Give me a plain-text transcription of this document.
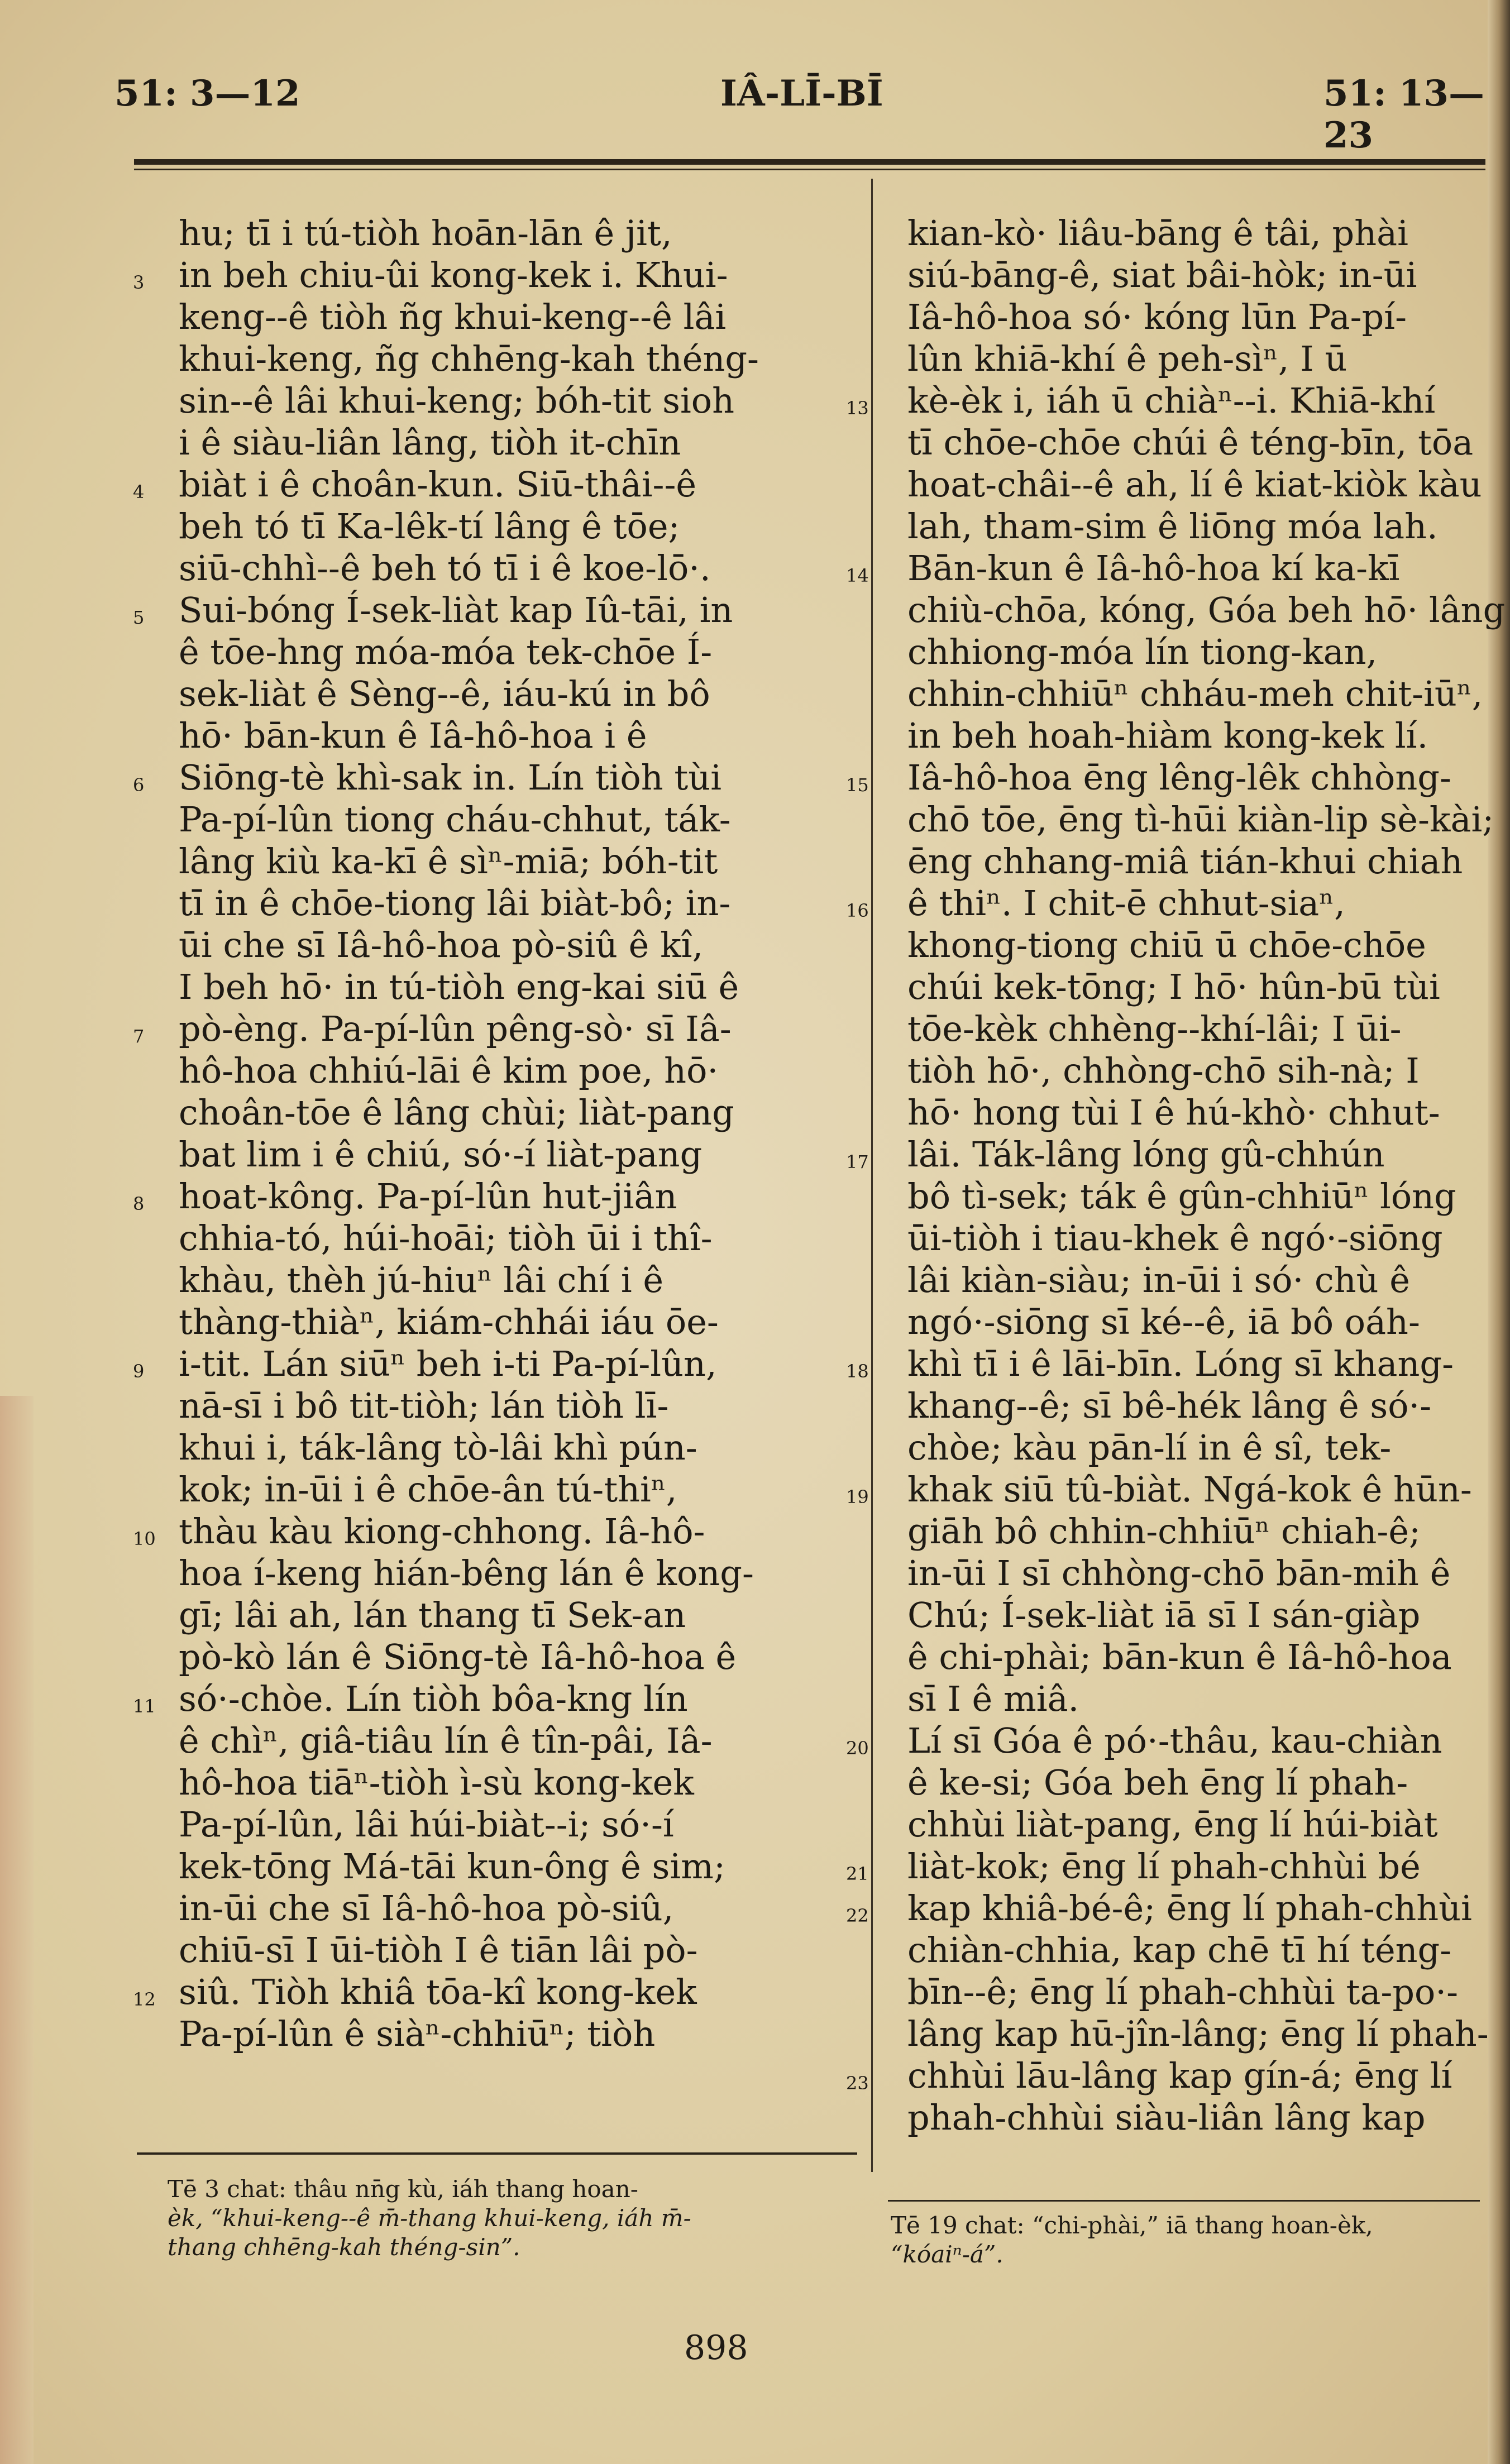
51: 3—12	IÂ-LĪ-BĪ	51: 13—23
hu; tī i tú-tiòh hoān-lān ê jit,
3 in beh chiu-ûi kong-kek i. Khui-
keng--ê tiòh ñg khui-keng--ê lâi
khui-keng, ñg chhēng-kah théng-
sin--ê lâi khui-keng; bóh-tit sioh
i ê siàu-liân lâng, tiòh it-chīn
4 biàt i ê choân-kun. Siū-thâi--ê
beh tó tī Ka-lêk-tí lâng ê tōe;
siū-chhì--ê beh tó tī i ê koe-lō·.
5 Sui-bóng Í-sek-liàt kap Iû-tāi, in
ê tōe-hng móa-móa tek-chōe Í-
sek-liàt ê Sèng--ê, iáu-kú in bô
hō· bān-kun ê Iâ-hô-hoa i ê
6 Siōng-tè khì-sak in. Lín tiòh tùi
Pa-pí-lûn tiong cháu-chhut, ták-
lâng kiù ka-kī ê sìⁿ-miā; bóh-tit
tī in ê chōe-tiong lâi biàt-bô; in-
ūi che sī Iâ-hô-hoa pò-siû ê kî,
I beh hō· in tú-tiòh eng-kai siū ê
7 pò-èng. Pa-pí-lûn pêng-sò· sī Iâ-
hô-hoa chhiú-lāi ê kim poe, hō·
choân-tōe ê lâng chùi; liàt-pang
bat lim i ê chiú, só·-í liàt-pang
8 hoat-kông. Pa-pí-lûn hut-jiân
chhia-tó, húi-hoāi; tiòh ūi i thî-
khàu, thèh jú-hiuⁿ lâi chí i ê
thàng-thiàⁿ, kiám-chhái iáu ōe-
9 i-tit. Lán siūⁿ beh i-ti Pa-pí-lûn,
nā-sī i bô tit-tiòh; lán tiòh lī-
khui i, ták-lâng tò-lâi khì pún-
kok; in-ūi i ê chōe-ân tú-thiⁿ,
10 thàu kàu kiong-chhong. Iâ-hô-
hoa í-keng hián-bêng lán ê kong-
gī; lâi ah, lán thang tī Sek-an
pò-kò lán ê Siōng-tè Iâ-hô-hoa ê
11 só·-chòe. Lín tiòh bôa-kng lín
ê chìⁿ, giâ-tiâu lín ê tîn-pâi, Iâ-
hô-hoa tiāⁿ-tiòh ì-sù kong-kek
Pa-pí-lûn, lâi húi-biàt--i; só·-í
kek-tōng Má-tāi kun-ông ê sim;
in-ūi che sī Iâ-hô-hoa pò-siû,
chiū-sī I ūi-tiòh I ê tiān lâi pò-
12 siû. Tiòh khiâ tōa-kî kong-kek
Pa-pí-lûn ê siàⁿ-chhiūⁿ; tiòh
kian-kò· liâu-bāng ê tâi, phài
siú-bāng-ê, siat bâi-hòk; in-ūi
Iâ-hô-hoa só· kóng lūn Pa-pí-
lûn khiā-khí ê peh-sìⁿ, I ū
13 kè-èk i, iáh ū chiàⁿ--i. Khiā-khí
tī chōe-chōe chúi ê téng-bīn, tōa
hoat-châi--ê ah, lí ê kiat-kiòk kàu
lah, tham-sim ê liōng móa lah.
14 Bān-kun ê Iâ-hô-hoa kí ka-kī
chiù-chōa, kóng, Góa beh hō· lâng
chhiong-móa lín tiong-kan,
chhin-chhiūⁿ chháu-meh chit-iūⁿ,
in beh hoah-hiàm kong-kek lí.
15 Iâ-hô-hoa ēng lêng-lêk chhòng-
chō tōe, ēng tì-hūi kiàn-lip sè-kài;
ēng chhang-miâ tián-khui chiah
16 ê thiⁿ. I chit-ē chhut-siaⁿ,
khong-tiong chiū ū chōe-chōe
chúi kek-tōng; I hō· hûn-bū tùi
tōe-kèk chhèng--khí-lâi; I ūi-
tiòh hō·, chhòng-chō sih-nà; I
hō· hong tùi I ê hú-khò· chhut-
17 lâi. Ták-lâng lóng gû-chhún
bô tì-sek; ták ê gûn-chhiūⁿ lóng
ūi-tiòh i tiau-khek ê ngó·-siōng
lâi kiàn-siàu; in-ūi i só· chù ê
ngó·-siōng sī ké--ê, iā bô oáh-
18 khì tī i ê lāi-bīn. Lóng sī khang-
khang--ê; sī bê-hék lâng ê só·-
chòe; kàu pān-lí in ê sî, tek-
19 khak siū tû-biàt. Ngá-kok ê hūn-
giāh bô chhin-chhiūⁿ chiah-ê;
in-ūi I sī chhòng-chō bān-mih ê
Chú; Í-sek-liàt iā sī I sán-giàp
ê chi-phài; bān-kun ê Iâ-hô-hoa
sī I ê miâ.
20 Lí sī Góa ê pó·-thâu, kau-chiàn
ê ke-si; Góa beh ēng lí phah-
chhùi liàt-pang, ēng lí húi-biàt
21 liàt-kok; ēng lí phah-chhùi bé
22 kap khiâ-bé-ê; ēng lí phah-chhùi
chiàn-chhia, kap chē tī hí téng-
bīn--ê; ēng lí phah-chhùi ta-po·-
lâng kap hū-jîn-lâng; ēng lí phah-
23 chhùi lāu-lâng kap gín-á; ēng lí
phah-chhùi siàu-liân lâng kap
Tē 3 chat: thâu nn̄g kù, iáh thang hoan-
èk, “khui-keng--ê m̄-thang khui-keng, iáh m̄-
thang chhēng-kah théng-sin”.
Tē 19 chat: “chi-phài,” iā thang hoan-èk,
“kóaiⁿ-á”.
898
